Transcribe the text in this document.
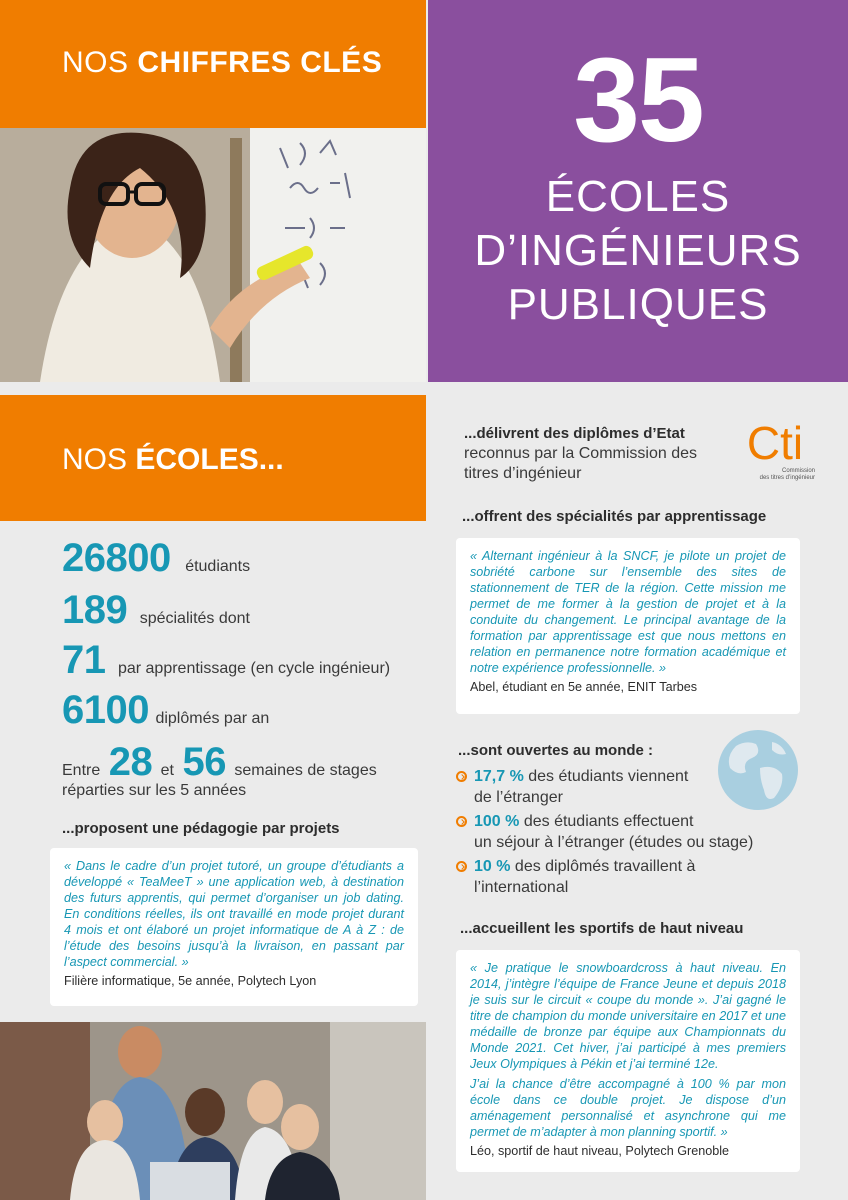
NOS CHIFFRES CLÉS	35
ÉCOLES
D’INGÉNIEURS
PUBLIQUES
NOS ÉCOLES...
26800 étudiants
189 spécialités dont
71 par apprentissage (en cycle ingénieur)
6100 diplômés par an
Entre 28 et 56 semaines de stages
réparties sur les 5 années
...proposent une pédagogie par projets
« Dans le cadre d’un projet tutoré, un groupe d’étudiants a développé « TeaMeeT » une application web, à destination des futurs apprentis, qui permet d’organiser un job dating. En conditions réelles, ils ont travaillé en mode projet durant 4 mois et ont élaboré un projet informatique de A à Z : de l’étude des besoins jusqu’à la livraison, en passant par l’aspect commercial. »
Filière informatique, 5e année, Polytech Lyon
...délivrent des diplômes d’Etat
reconnus par la Commission des
titres d’ingénieur
Cti
Commission
des titres d’ingénieur
...offrent des spécialités par apprentissage
« Alternant ingénieur à la SNCF, je pilote un projet de sobriété carbone sur l’ensemble des sites de stationnement de TER de la région. Cette mission me permet de me former à la gestion de projet et à la conduite du changement. Le principal avantage de la formation par apprentissage est que nous mettons en relation en permanence notre formation académique et notre expérience professionnelle. »
Abel, étudiant en 5e année, ENIT Tarbes
...sont ouvertes au monde :
17,7 % des étudiants viennent
de l’étranger
100 % des étudiants effectuent
un séjour à l’étranger (études ou stage)
10 % des diplômés travaillent à
l’international
...accueillent les sportifs de haut niveau
« Je pratique le snowboardcross à haut niveau. En 2014, j’intègre l’équipe de France Jeune et depuis 2018 je suis sur le circuit « coupe du monde ». J’ai gagné le titre de champion du monde universitaire en 2017 et une médaille de bronze par équipe aux Championnats du Monde 2021. Cet hiver, j’ai participé à mes premiers Jeux Olympiques à Pékin et j’ai terminé 12e.
J’ai la chance d’être accompagné à 100 % par mon école dans ce double projet. Je dispose d’un aménagement personnalisé et asynchrone qui me permet de m’adapter à mon planning sportif. »
Léo, sportif de haut niveau, Polytech Grenoble
